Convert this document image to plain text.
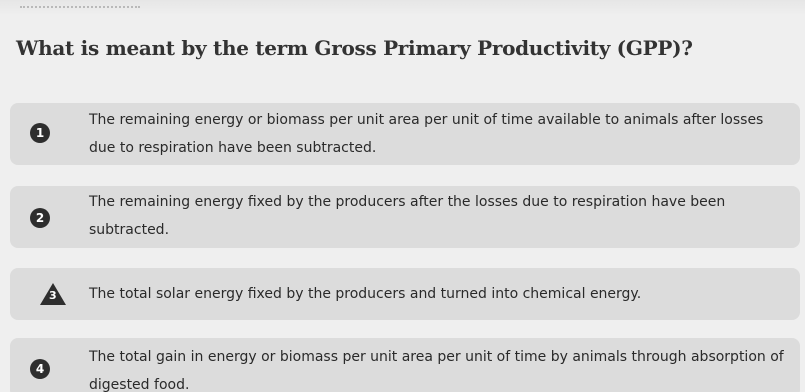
What is meant by the term Gross Primary Productivity (GPP)?
1
The remaining energy or biomass per unit area per unit of time available to animals after losses due to respiration have been subtracted.
2
The remaining energy fixed by the producers after the losses due to respiration have been subtracted.
3 The total solar energy fixed by the producers and turned into chemical energy.
4
The total gain in energy or biomass per unit area per unit of time by animals through absorption of digested food.
